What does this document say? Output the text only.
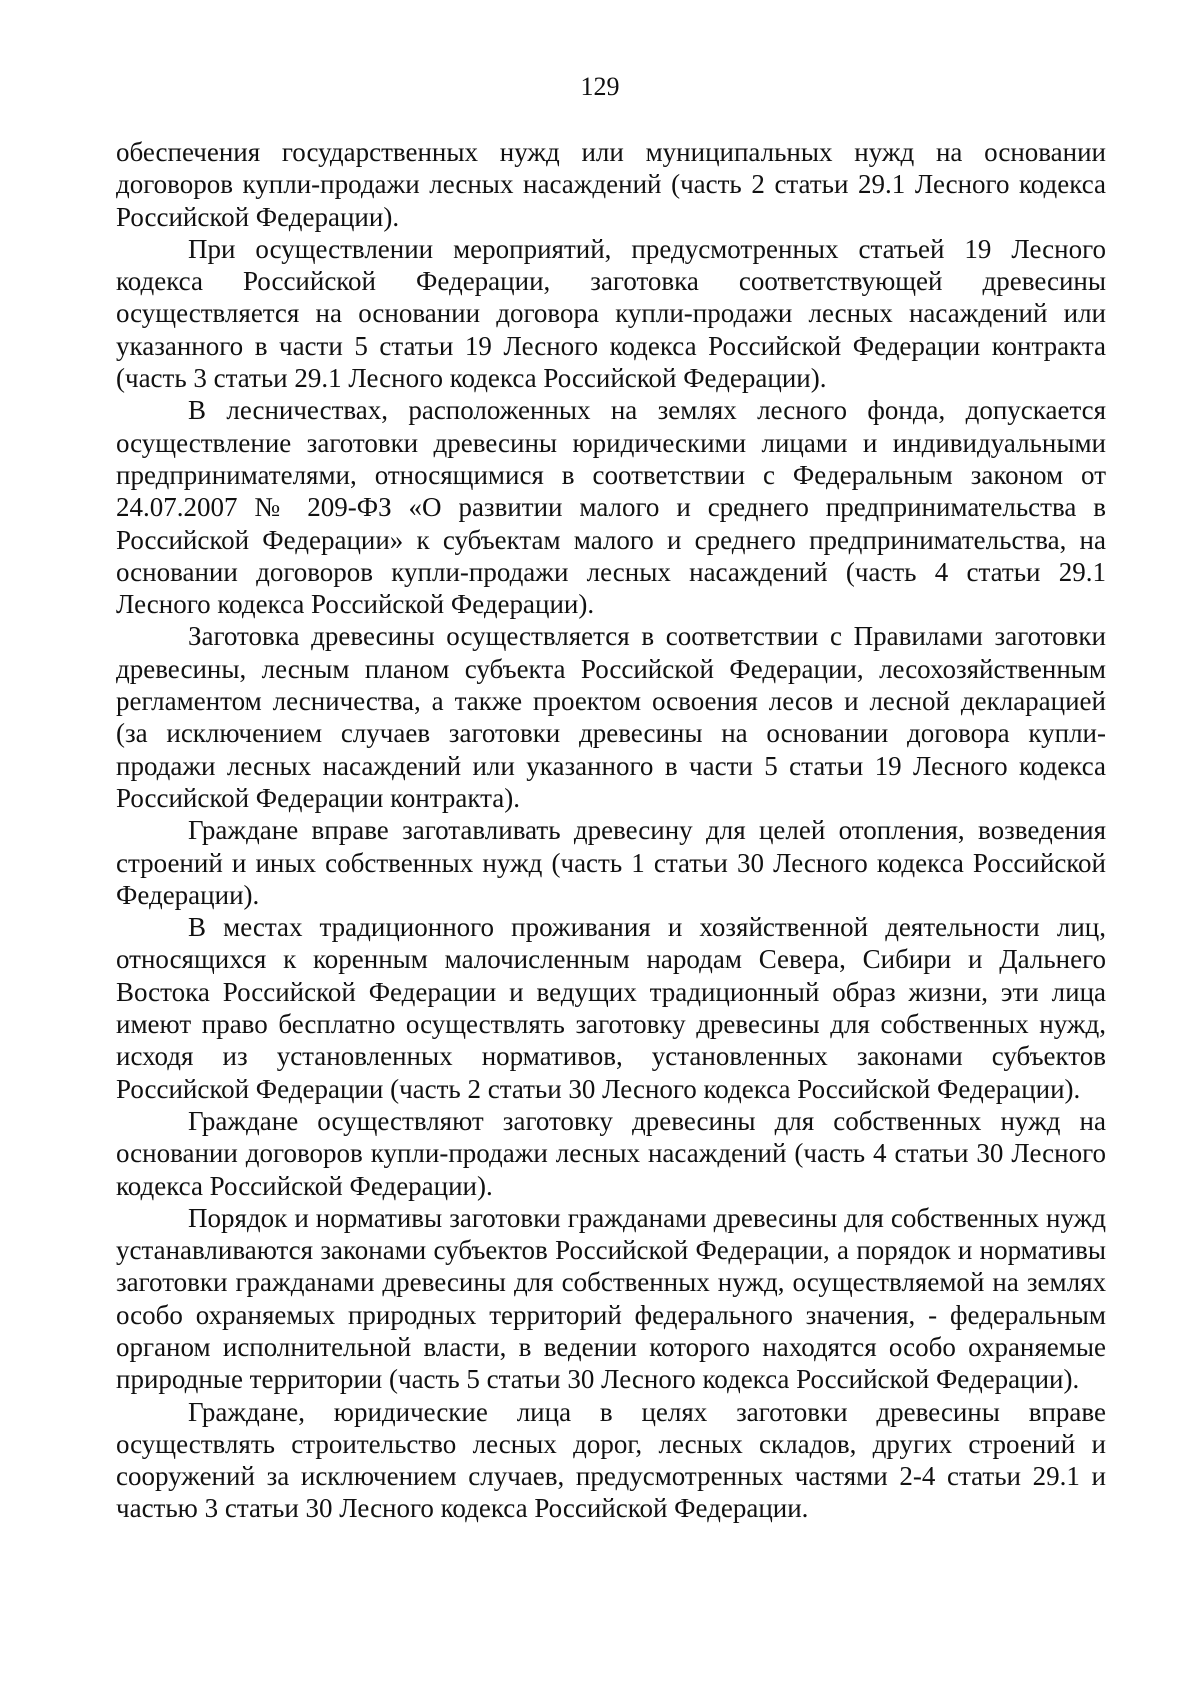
129

обеспечения государственных нужд или муниципальных нужд на основании договоров купли-продажи лесных насаждений (часть 2 статьи 29.1 Лесного кодекса Российской Федерации).

При осуществлении мероприятий, предусмотренных статьей 19 Лесного кодекса Российской Федерации, заготовка соответствующей древесины осуществляется на основании договора купли-продажи лесных насаждений или указанного в части 5 статьи 19 Лесного кодекса Российской Федерации контракта (часть 3 статьи 29.1 Лесного кодекса Российской Федерации).

В лесничествах, расположенных на землях лесного фонда, допускается осуществление заготовки древесины юридическими лицами и индивидуальными предпринимателями, относящимися в соответствии с Федеральным законом от 24.07.2007 № 209-ФЗ «О развитии малого и среднего предпринимательства в Российской Федерации» к субъектам малого и среднего предпринимательства, на основании договоров купли-продажи лесных насаждений (часть 4 статьи 29.1 Лесного кодекса Российской Федерации).

Заготовка древесины осуществляется в соответствии с Правилами заготовки древесины, лесным планом субъекта Российской Федерации, лесохозяйственным регламентом лесничества, а также проектом освоения лесов и лесной декларацией (за исключением случаев заготовки древесины на основании договора купли-продажи лесных насаждений или указанного в части 5 статьи 19 Лесного кодекса Российской Федерации контракта).

Граждане вправе заготавливать древесину для целей отопления, возведения строений и иных собственных нужд (часть 1 статьи 30 Лесного кодекса Российской Федерации).

В местах традиционного проживания и хозяйственной деятельности лиц, относящихся к коренным малочисленным народам Севера, Сибири и Дальнего Востока Российской Федерации и ведущих традиционный образ жизни, эти лица имеют право бесплатно осуществлять заготовку древесины для собственных нужд, исходя из установленных нормативов, установленных законами субъектов Российской Федерации (часть 2 статьи 30 Лесного кодекса Российской Федерации).

Граждане осуществляют заготовку древесины для собственных нужд на основании договоров купли-продажи лесных насаждений (часть 4 статьи 30 Лесного кодекса Российской Федерации).

Порядок и нормативы заготовки гражданами древесины для собственных нужд устанавливаются законами субъектов Российской Федерации, а порядок и нормативы заготовки гражданами древесины для собственных нужд, осуществляемой на землях особо охраняемых природных территорий федерального значения, - федеральным органом исполнительной власти, в ведении которого находятся особо охраняемые природные территории (часть 5 статьи 30 Лесного кодекса Российской Федерации).

Граждане, юридические лица в целях заготовки древесины вправе осуществлять строительство лесных дорог, лесных складов, других строений и сооружений за исключением случаев, предусмотренных частями 2-4 статьи 29.1 и частью 3 статьи 30 Лесного кодекса Российской Федерации.
